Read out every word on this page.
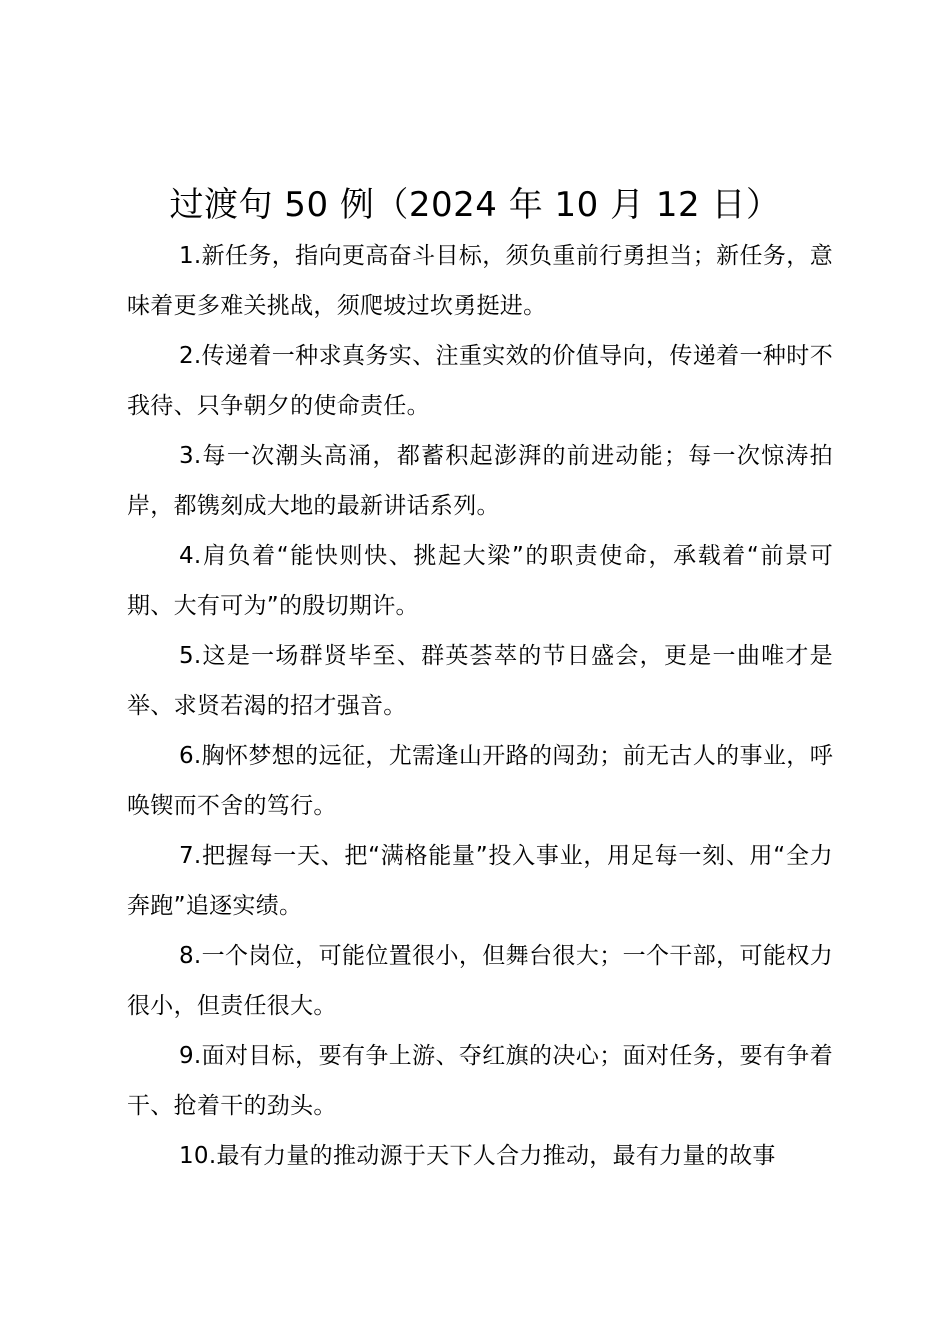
过渡句 50 例（2024 年 10 月 12 日）

1.新任务，指向更高奋斗目标，须负重前行勇担当；新任务，意味着更多难关挑战，须爬坡过坎勇挺进。

2.传递着一种求真务实、注重实效的价值导向，传递着一种时不我待、只争朝夕的使命责任。

3.每一次潮头高涌，都蓄积起澎湃的前进动能；每一次惊涛拍岸，都镌刻成大地的最新讲话系列。

4.肩负着“能快则快、挑起大梁”的职责使命，承载着“前景可期、大有可为”的殷切期许。

5.这是一场群贤毕至、群英荟萃的节日盛会，更是一曲唯才是举、求贤若渴的招才强音。

6.胸怀梦想的远征，尤需逢山开路的闯劲；前无古人的事业，呼唤锲而不舍的笃行。

7.把握每一天、把“满格能量”投入事业，用足每一刻、用“全力奔跑”追逐实绩。

8.一个岗位，可能位置很小，但舞台很大；一个干部，可能权力很小，但责任很大。

9.面对目标，要有争上游、夺红旗的决心；面对任务，要有争着干、抢着干的劲头。

10.最有力量的推动源于天下人合力推动，最有力量的故事
